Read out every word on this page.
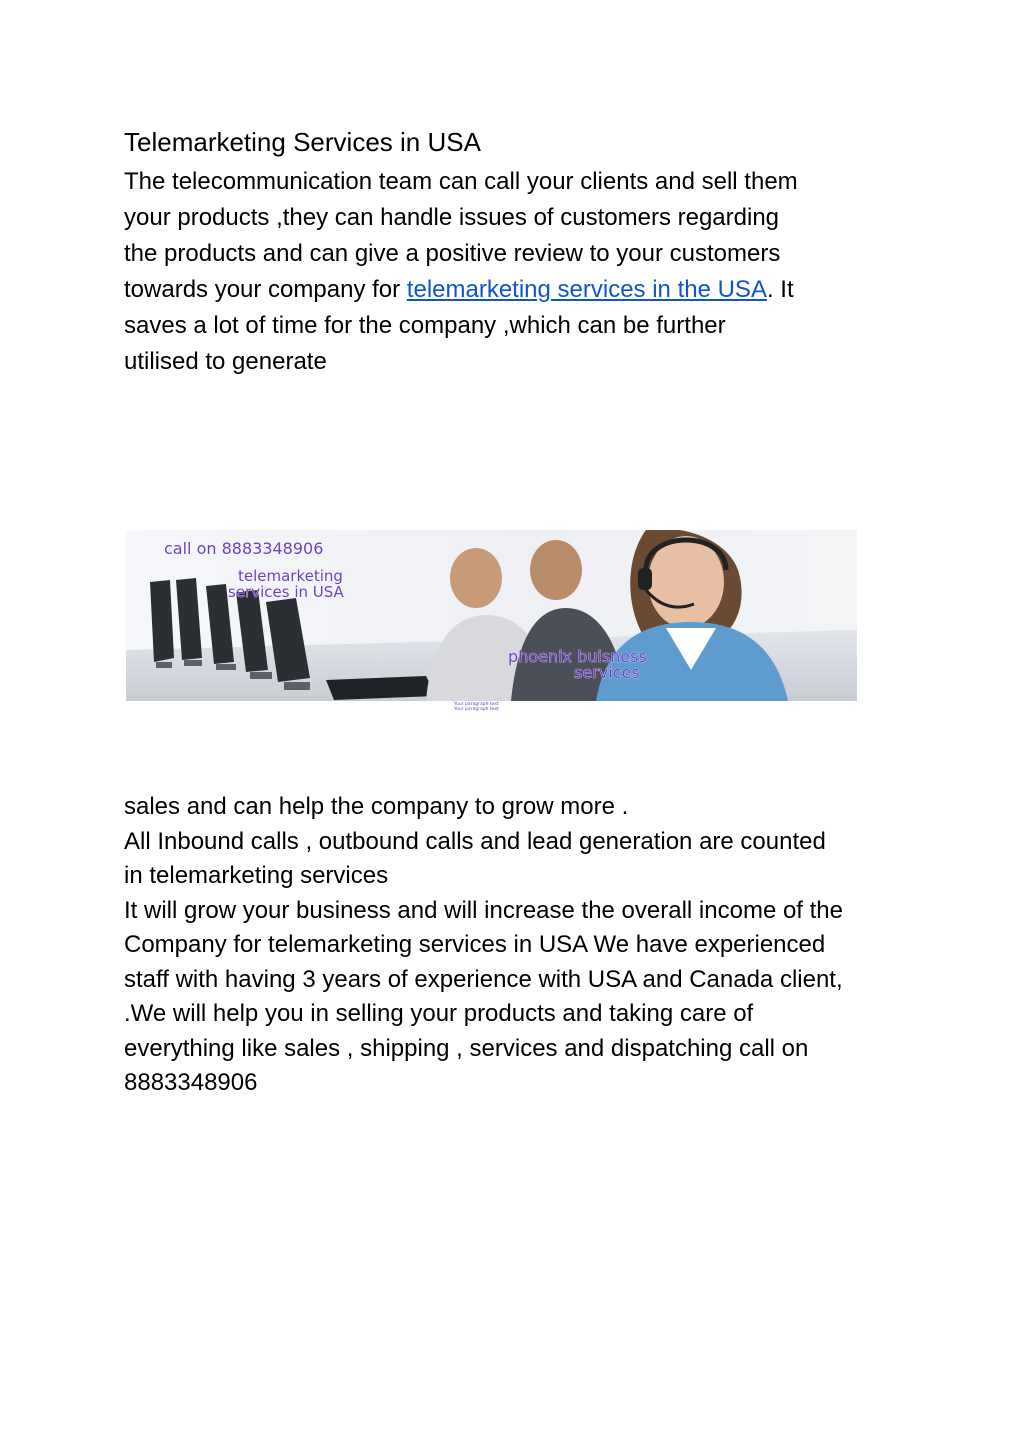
Telemarketing Services in USA
The telecommunication team can call your clients and sell them
your products ,they can handle issues of customers regarding
the products and can give a positive review to your customers
towards your company for telemarketing services in the USA. It
saves a lot of time for the company ,which can be further
utilised to generate
call on 8883348906
telemarketing
services in USA
phoenix buisness
services
Your paragraph text
Your paragraph text
sales and can help the company to grow more .
All Inbound calls , outbound calls and lead generation are counted
in telemarketing services
It will grow your business and will increase the overall income of the
Company for telemarketing services in USA We have experienced
staff with having 3 years of experience with USA and Canada client,
.We will help you in selling your products and taking care of
everything like sales , shipping , services and dispatching call on
8883348906
